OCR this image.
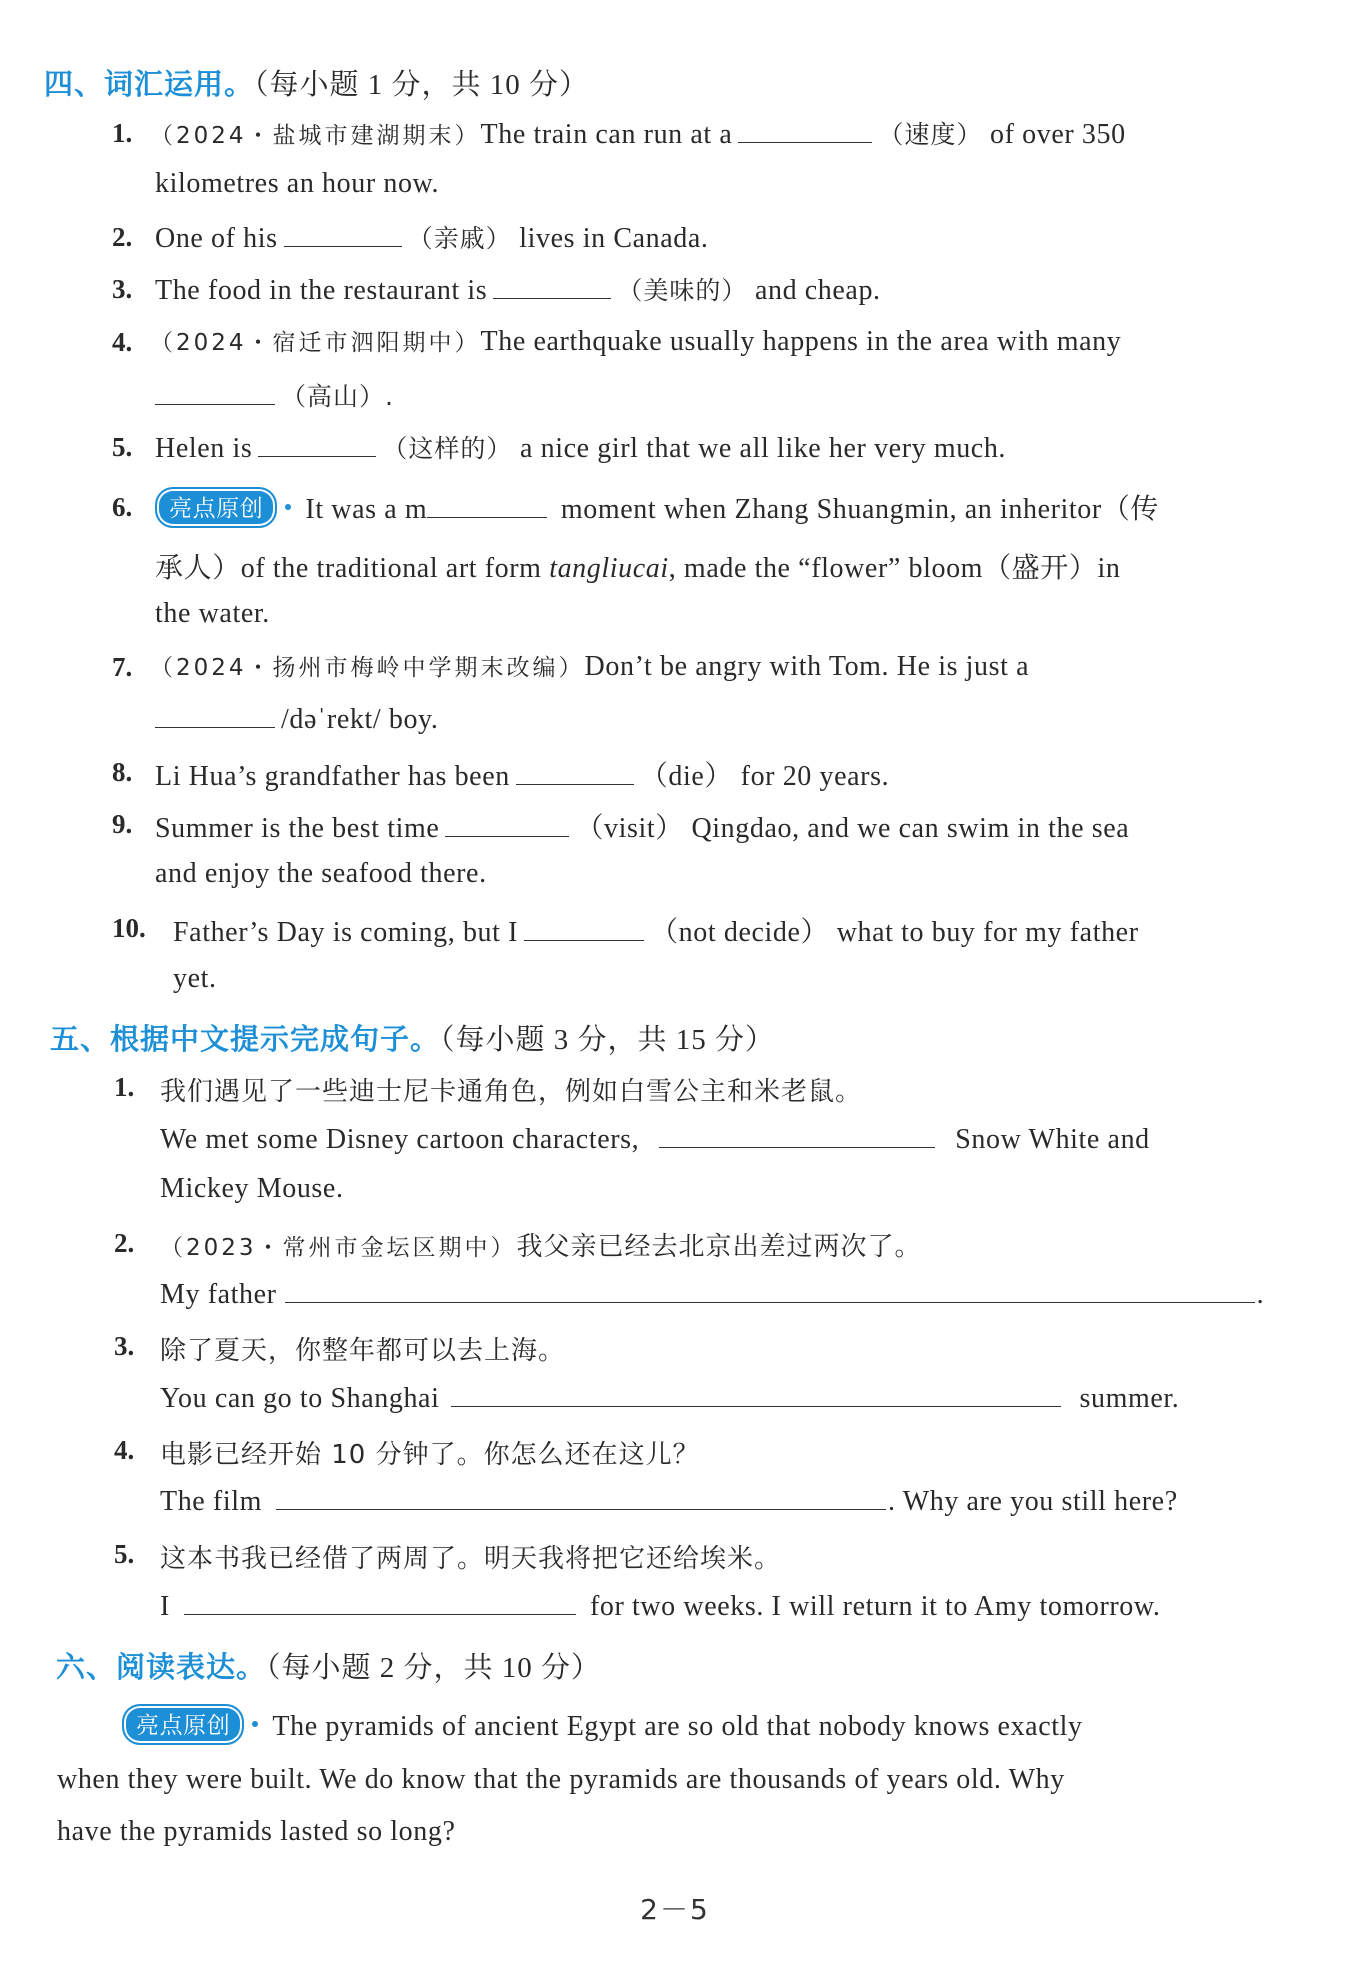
四、词汇运用。（每小题 1 分，共 10 分）
1. （2024・盐城市建湖期末）The train can run at a	（速度） of over 350
kilometres an hour now.
2. One of his	（亲戚） lives in Canada.
3. The food in the restaurant is	（美味的） and cheap.
4. （2024・宿迁市泗阳期中）The earthquake usually happens in the area with many
（高山）.
5. Helen is	（这样的） a nice girl that we all like her very much.
6.	亮点原创 It was a m	moment when Zhang Shuangmin, an inheritor（传
承人）of the traditional art form tangliucai, made the “flower” bloom（盛开）in
the water.
7. （2024・扬州市梅岭中学期末改编）Don’t be angry with Tom. He is just a
/dəˈrekt/ boy.
8. Li Hua’s grandfather has been	（die） for 20 years.
9. Summer is the best time	（visit） Qingdao, and we can swim in the sea
and enjoy the seafood there.
10. Father’s Day is coming, but I	（not decide） what to buy for my father
yet.
五、根据中文提示完成句子。（每小题 3 分，共 15 分）
1. 我们遇见了一些迪士尼卡通角色，例如白雪公主和米老鼠。
We met some Disney cartoon characters,	Snow White and
Mickey Mouse.
2. （2023・常州市金坛区期中）我父亲已经去北京出差过两次了。
My father	.
3. 除了夏天，你整年都可以去上海。
You can go to Shanghai	summer.
4. 电影已经开始 10 分钟了。你怎么还在这儿？
The film	. Why are you still here?
5. 这本书我已经借了两周了。明天我将把它还给埃米。
I	for two weeks. I will return it to Amy tomorrow.
六、阅读表达。（每小题 2 分，共 10 分）
亮点原创 The pyramids of ancient Egypt are so old that nobody knows exactly
when they were built. We do know that the pyramids are thousands of years old. Why
have the pyramids lasted so long?
2－5
